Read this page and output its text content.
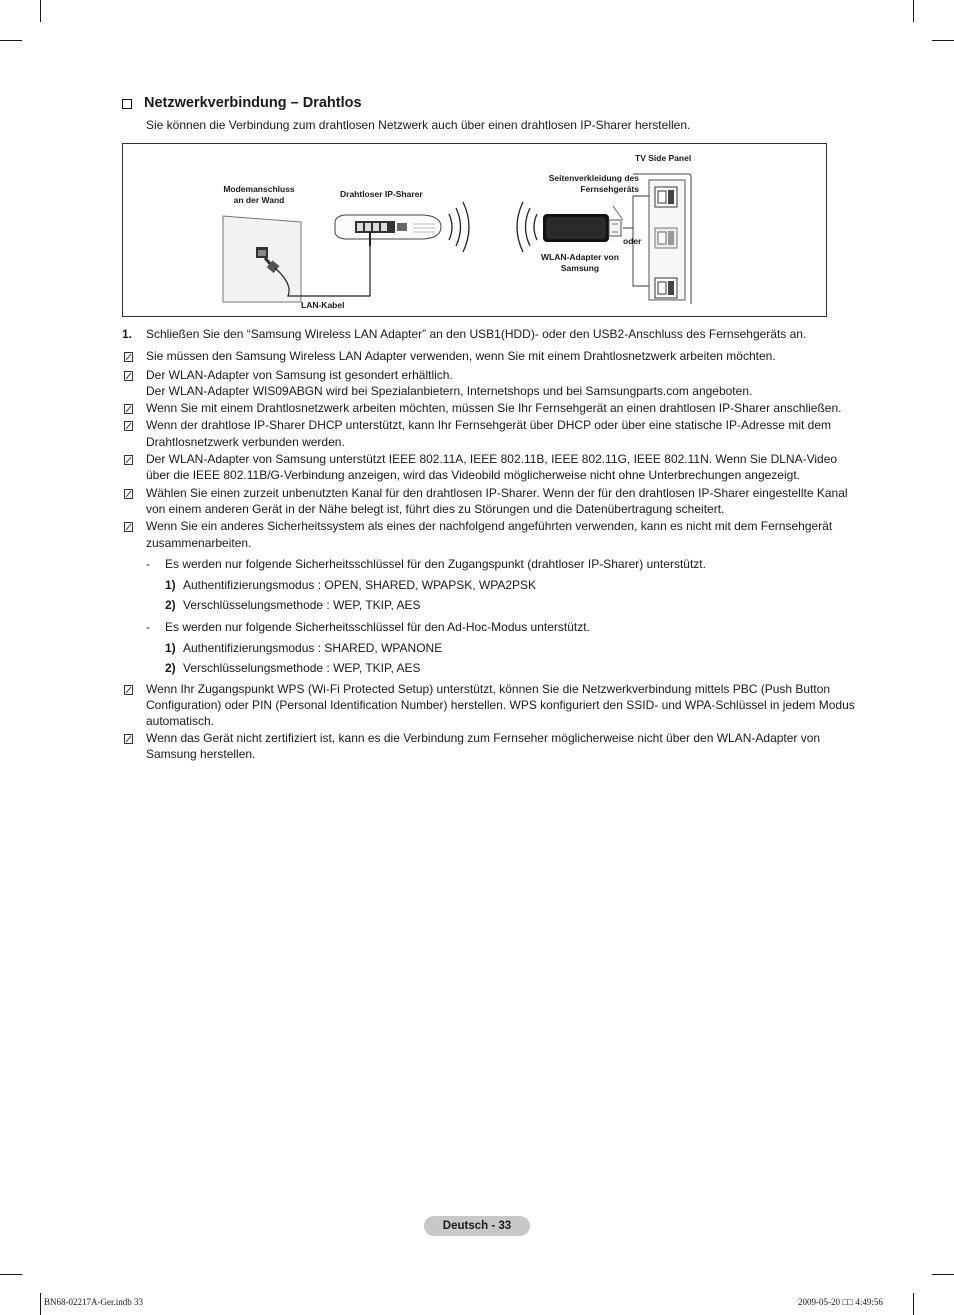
Netzwerkverbindung – Drahtlos
Sie können die Verbindung zum drahtlosen Netzwerk auch über einen drahtlosen IP-Sharer herstellen.
TV Side Panel
Modemanschluss
an der Wand
Drahtloser IP-Sharer
Seitenverkleidung des
Fernsehgeräts
oder
WLAN-Adapter von
Samsung
LAN-Kabel
1.	Schließen Sie den “Samsung Wireless LAN Adapter” an den USB1(HDD)- oder den USB2-Anschluss des Fernsehgeräts an.
Sie müssen den Samsung Wireless LAN Adapter verwenden, wenn Sie mit einem Drahtlosnetzwerk arbeiten möchten.
Der WLAN-Adapter von Samsung ist gesondert erhältlich.
Der WLAN-Adapter WIS09ABGN wird bei Spezialanbietern, Internetshops und bei Samsungparts.com angeboten.
Wenn Sie mit einem Drahtlosnetzwerk arbeiten möchten, müssen Sie Ihr Fernsehgerät an einen drahtlosen IP-Sharer anschließen.
Wenn der drahtlose IP-Sharer DHCP unterstützt, kann Ihr Fernsehgerät über DHCP oder über eine statische IP-Adresse mit dem Drahtlosnetzwerk verbunden werden.
Der WLAN-Adapter von Samsung unterstützt IEEE 802.11A, IEEE 802.11B, IEEE 802.11G, IEEE 802.11N. Wenn Sie DLNA-Video über die IEEE 802.11B/G-Verbindung anzeigen, wird das Videobild möglicherweise nicht ohne Unterbrechungen angezeigt.
Wählen Sie einen zurzeit unbenutzten Kanal für den drahtlosen IP-Sharer. Wenn der für den drahtlosen IP-Sharer eingestellte Kanal von einem anderen Gerät in der Nähe belegt ist, führt dies zu Störungen und die Datenübertragung scheitert.
Wenn Sie ein anderes Sicherheitssystem als eines der nachfolgend angeführten verwenden, kann es nicht mit dem Fernsehgerät zusammenarbeiten.
-	Es werden nur folgende Sicherheitsschlüssel für den Zugangspunkt (drahtloser IP-Sharer) unterstützt.
1) Authentifizierungsmodus : OPEN, SHARED, WPAPSK, WPA2PSK
2) Verschlüsselungsmethode : WEP, TKIP, AES
-	Es werden nur folgende Sicherheitsschlüssel für den Ad-Hoc-Modus unterstützt.
1) Authentifizierungsmodus : SHARED, WPANONE
2) Verschlüsselungsmethode : WEP, TKIP, AES
Wenn Ihr Zugangspunkt WPS (Wi-Fi Protected Setup) unterstützt, können Sie die Netzwerkverbindung mittels PBC (Push Button Configuration) oder PIN (Personal Identification Number) herstellen. WPS konfiguriert den SSID- und WPA-Schlüssel in jedem Modus automatisch.
Wenn das Gerät nicht zertifiziert ist, kann es die Verbindung zum Fernseher möglicherweise nicht über den WLAN-Adapter von Samsung herstellen.
Deutsch - 33
BN68-02217A-Ger.indb 33	2009-05-20 □□ 4:49:56
